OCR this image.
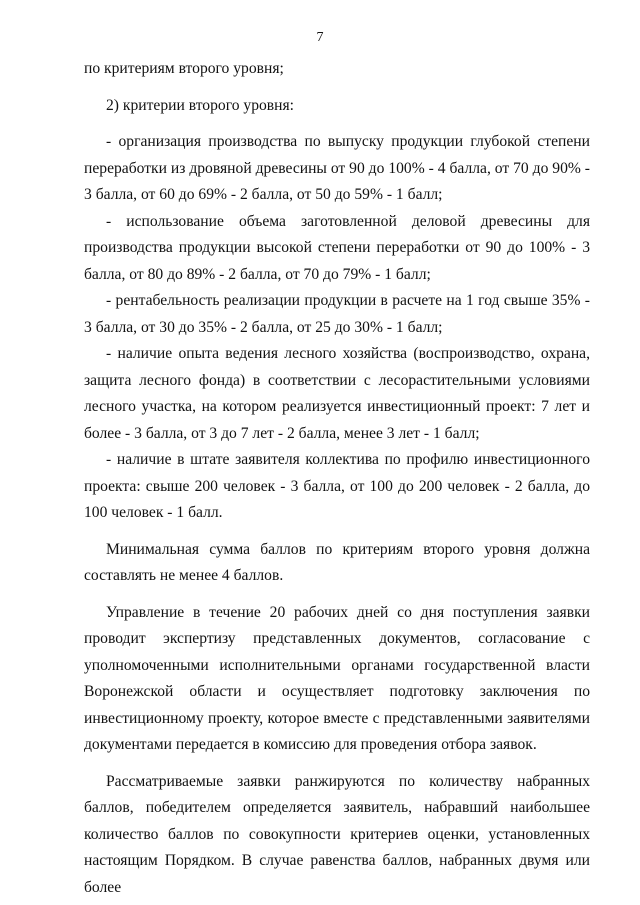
7

по критериям второго уровня;

2) критерии второго уровня:

- организация производства по выпуску продукции глубокой степени переработки из дровяной древесины от 90 до 100% - 4 балла, от 70 до 90% - 3 балла, от 60 до 69% - 2 балла, от 50 до 59% - 1 балл;

- использование объема заготовленной деловой древесины для производства продукции высокой степени переработки от 90 до 100% - 3 балла, от 80 до 89% - 2 балла, от 70 до 79% - 1 балл;

- рентабельность реализации продукции в расчете на 1 год свыше 35% - 3 балла, от 30 до 35% - 2 балла, от 25 до 30% - 1 балл;

- наличие опыта ведения лесного хозяйства (воспроизводство, охрана, защита лесного фонда) в соответствии с лесорастительными условиями лесного участка, на котором реализуется инвестиционный проект: 7 лет и более - 3 балла, от 3 до 7 лет - 2 балла, менее 3 лет - 1 балл;

- наличие в штате заявителя коллектива по профилю инвестиционного проекта: свыше 200 человек - 3 балла, от 100 до 200 человек - 2 балла, до 100 человек - 1 балл.

Минимальная сумма баллов по критериям второго уровня должна составлять не менее 4 баллов.

Управление в течение 20 рабочих дней со дня поступления заявки проводит экспертизу представленных документов, согласование с уполномоченными исполнительными органами государственной власти Воронежской области и осуществляет подготовку заключения по инвестиционному проекту, которое вместе с представленными заявителями документами передается в комиссию для проведения отбора заявок.

Рассматриваемые заявки ранжируются по количеству набранных баллов, победителем определяется заявитель, набравший наибольшее количество баллов по совокупности критериев оценки, установленных настоящим Порядком. В случае равенства баллов, набранных двумя или более
